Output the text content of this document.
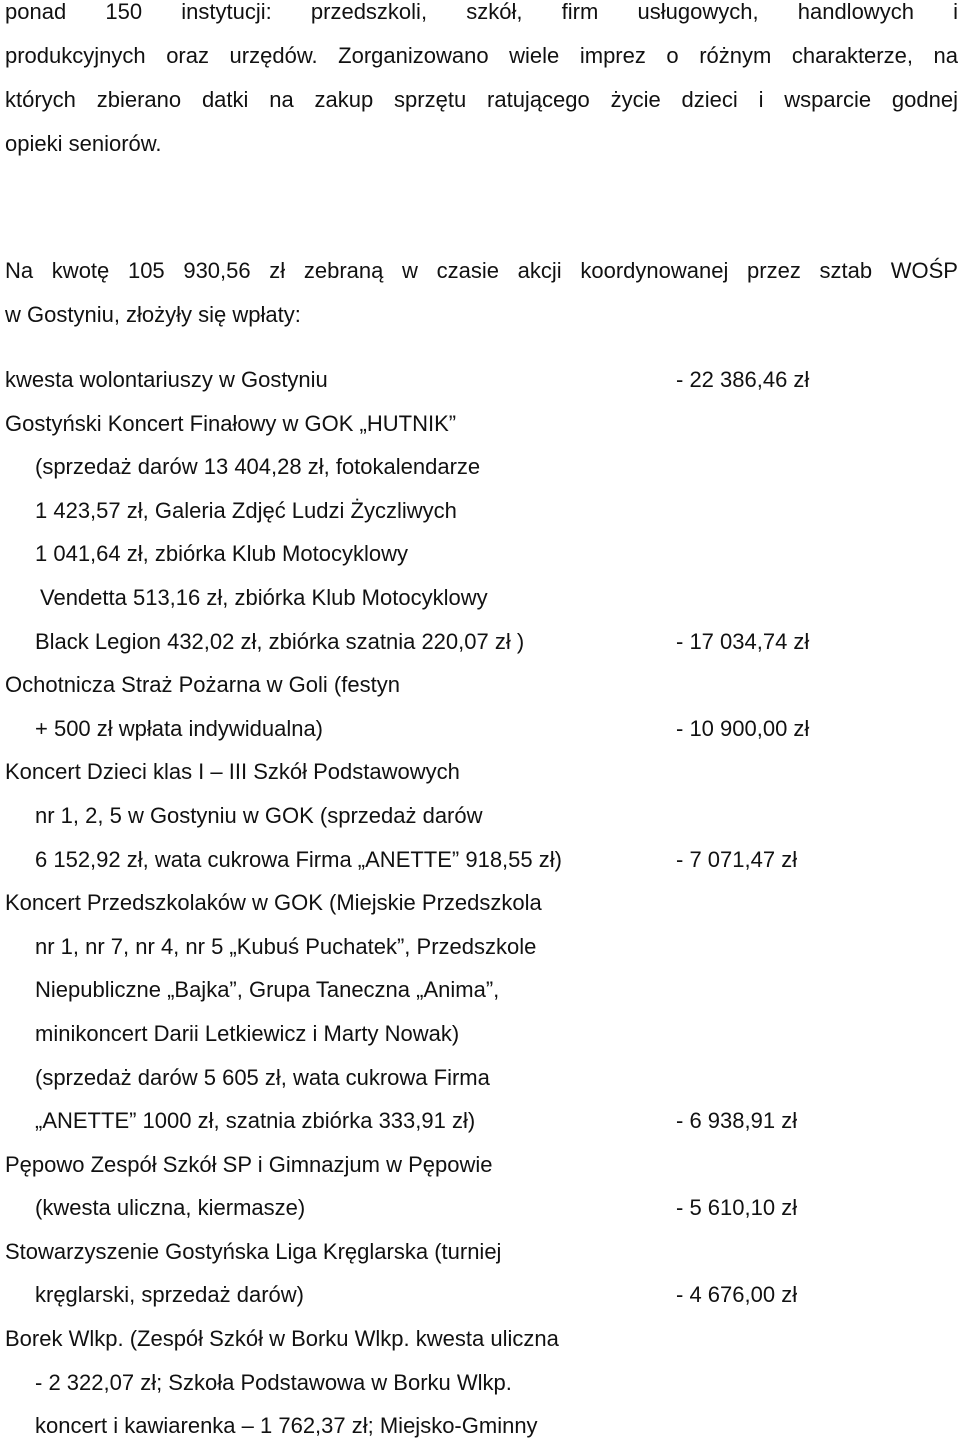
ponad 150 instytucji: przedszkoli, szkół, firm usługowych, handlowych i
produkcyjnych oraz urzędów. Zorganizowano wiele imprez o różnym charakterze, na
których zbierano datki na zakup sprzętu ratującego życie dzieci i wsparcie godnej
opieki seniorów.
Na kwotę 105 930,56 zł zebraną w czasie akcji koordynowanej przez sztab WOŚP
w Gostyniu, złożyły się wpłaty:
kwesta wolontariuszy w Gostyniu	- 22 386,46 zł
Gostyński Koncert Finałowy w GOK „HUTNIK”
(sprzedaż darów 13 404,28 zł, fotokalendarze
1 423,57 zł, Galeria Zdjęć Ludzi Życzliwych
1 041,64 zł, zbiórka Klub Motocyklowy
Vendetta 513,16 zł, zbiórka Klub Motocyklowy
Black Legion 432,02 zł, zbiórka szatnia 220,07 zł )	- 17 034,74 zł
Ochotnicza Straż Pożarna w Goli (festyn
+ 500 zł wpłata indywidualna)	- 10 900,00 zł
Koncert Dzieci klas I – III Szkół Podstawowych
nr 1, 2, 5 w Gostyniu w GOK (sprzedaż darów
6 152,92 zł, wata cukrowa Firma „ANETTE” 918,55 zł)	- 7 071,47 zł
Koncert Przedszkolaków w GOK (Miejskie Przedszkola
nr 1, nr 7, nr 4, nr 5 „Kubuś Puchatek”, Przedszkole
Niepubliczne „Bajka”, Grupa Taneczna „Anima”,
minikoncert Darii Letkiewicz i Marty Nowak)
(sprzedaż darów 5 605 zł, wata cukrowa Firma
„ANETTE” 1000 zł, szatnia zbiórka 333,91 zł)	- 6 938,91 zł
Pępowo Zespół Szkół SP i Gimnazjum w Pępowie
(kwesta uliczna, kiermasze)	- 5 610,10 zł
Stowarzyszenie Gostyńska Liga Kręglarska (turniej
kręglarski, sprzedaż darów)	- 4 676,00 zł
Borek Wlkp. (Zespół Szkół w Borku Wlkp. kwesta uliczna
- 2 322,07 zł; Szkoła Podstawowa w Borku Wlkp.
koncert i kawiarenka – 1 762,37 zł; Miejsko-Gminny
